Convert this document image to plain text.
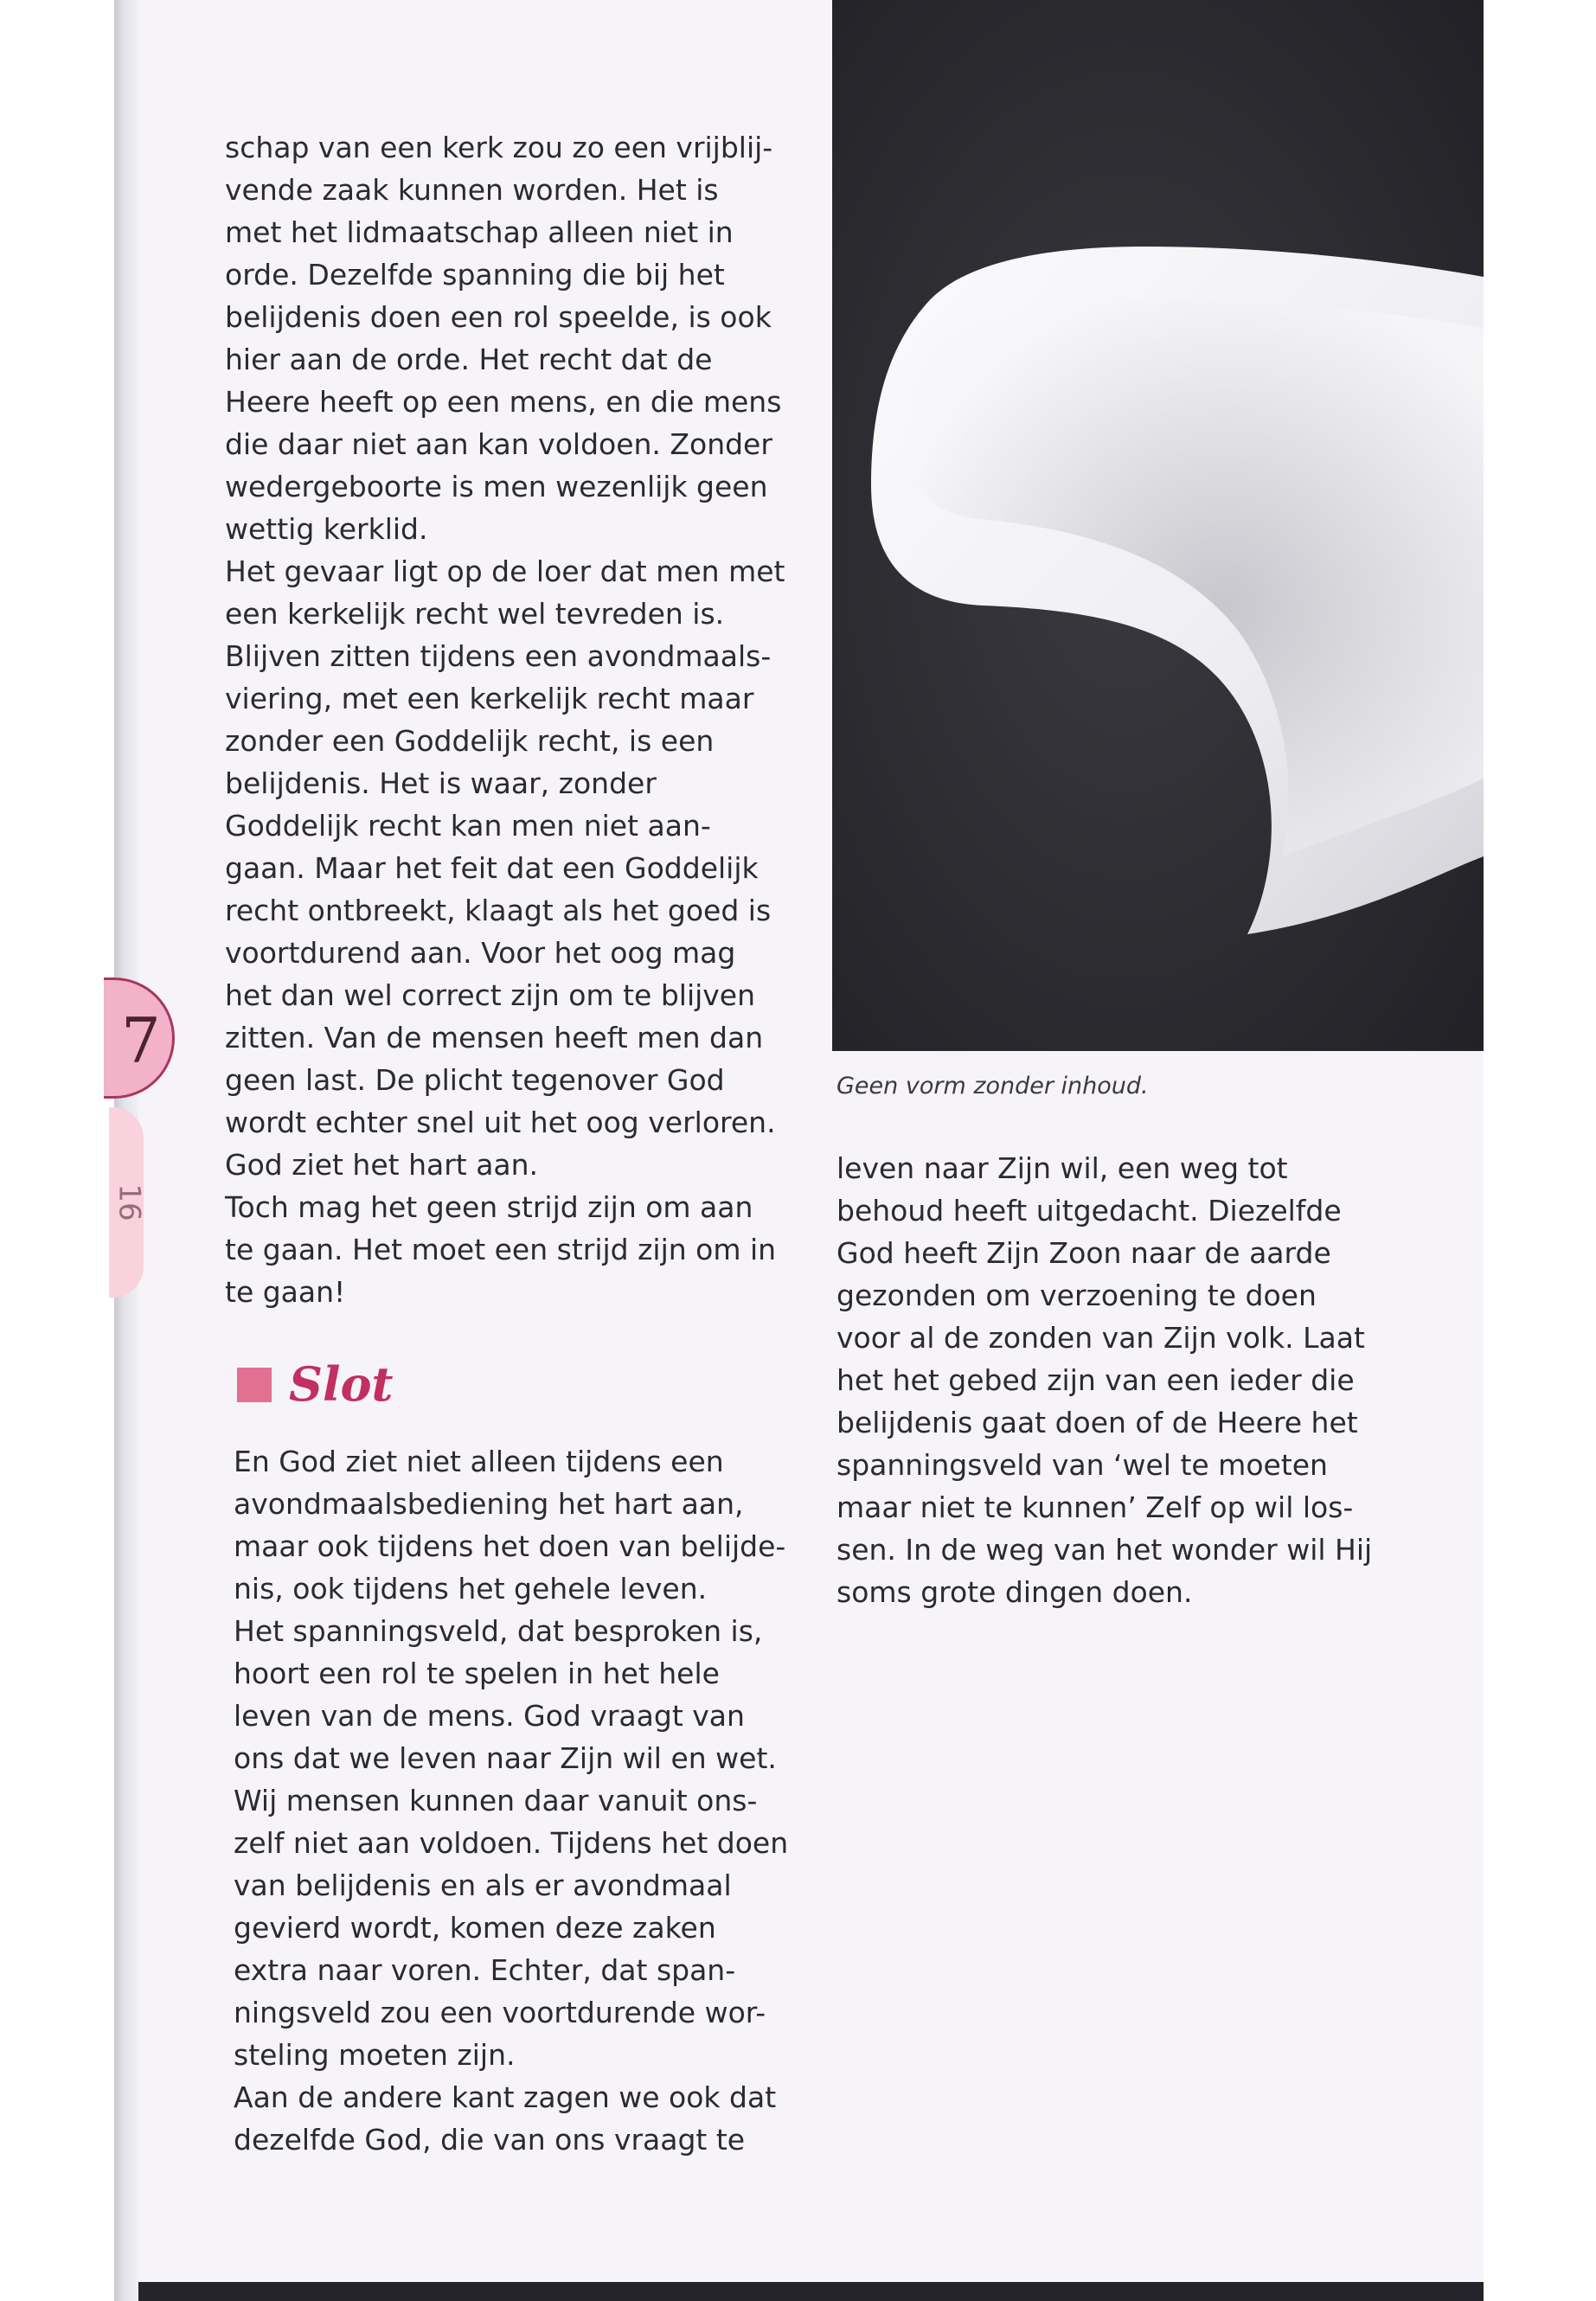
16
7
Geen vorm zonder inhoud.

schap van een kerk zou zo een vrijblij-

vende zaak kunnen worden. Het is

met het lidmaatschap alleen niet in

orde. Dezelfde spanning die bij het

belijdenis doen een rol speelde, is ook

hier aan de orde. Het recht dat de

Heere heeft op een mens, en die mens

die daar niet aan kan voldoen. Zonder

wedergeboorte is men wezenlijk geen

wettig kerklid.

Het gevaar ligt op de loer dat men met

een kerkelijk recht wel tevreden is.

Blijven zitten tijdens een avondmaals-

viering, met een kerkelijk recht maar

zonder een Goddelijk recht, is een

belijdenis. Het is waar, zonder

Goddelijk recht kan men niet aan-

gaan. Maar het feit dat een Goddelijk

recht ontbreekt, klaagt als het goed is

voortdurend aan. Voor het oog mag

het dan wel correct zijn om te blijven

zitten. Van de mensen heeft men dan

geen last. De plicht tegenover God

wordt echter snel uit het oog verloren.

God ziet het hart aan.

Toch mag het geen strijd zijn om aan

te gaan. Het moet een strijd zijn om in

te gaan!

Slot

En God ziet niet alleen tijdens een

avondmaalsbediening het hart aan,

maar ook tijdens het doen van belijde-

nis, ook tijdens het gehele leven.

Het spanningsveld, dat besproken is,

hoort een rol te spelen in het hele

leven van de mens. God vraagt van

ons dat we leven naar Zijn wil en wet.

Wij mensen kunnen daar vanuit ons-

zelf niet aan voldoen. Tijdens het doen

van belijdenis en als er avondmaal

gevierd wordt, komen deze zaken

extra naar voren. Echter, dat span-

ningsveld zou een voortdurende wor-

steling moeten zijn.

Aan de andere kant zagen we ook dat

dezelfde God, die van ons vraagt te

leven naar Zijn wil, een weg tot

behoud heeft uitgedacht. Diezelfde

God heeft Zijn Zoon naar de aarde

gezonden om verzoening te doen

voor al de zonden van Zijn volk. Laat

het het gebed zijn van een ieder die

belijdenis gaat doen of de Heere het

spanningsveld van ‘wel te moeten

maar niet te kunnen’ Zelf op wil los-

sen. In de weg van het wonder wil Hij

soms grote dingen doen.
